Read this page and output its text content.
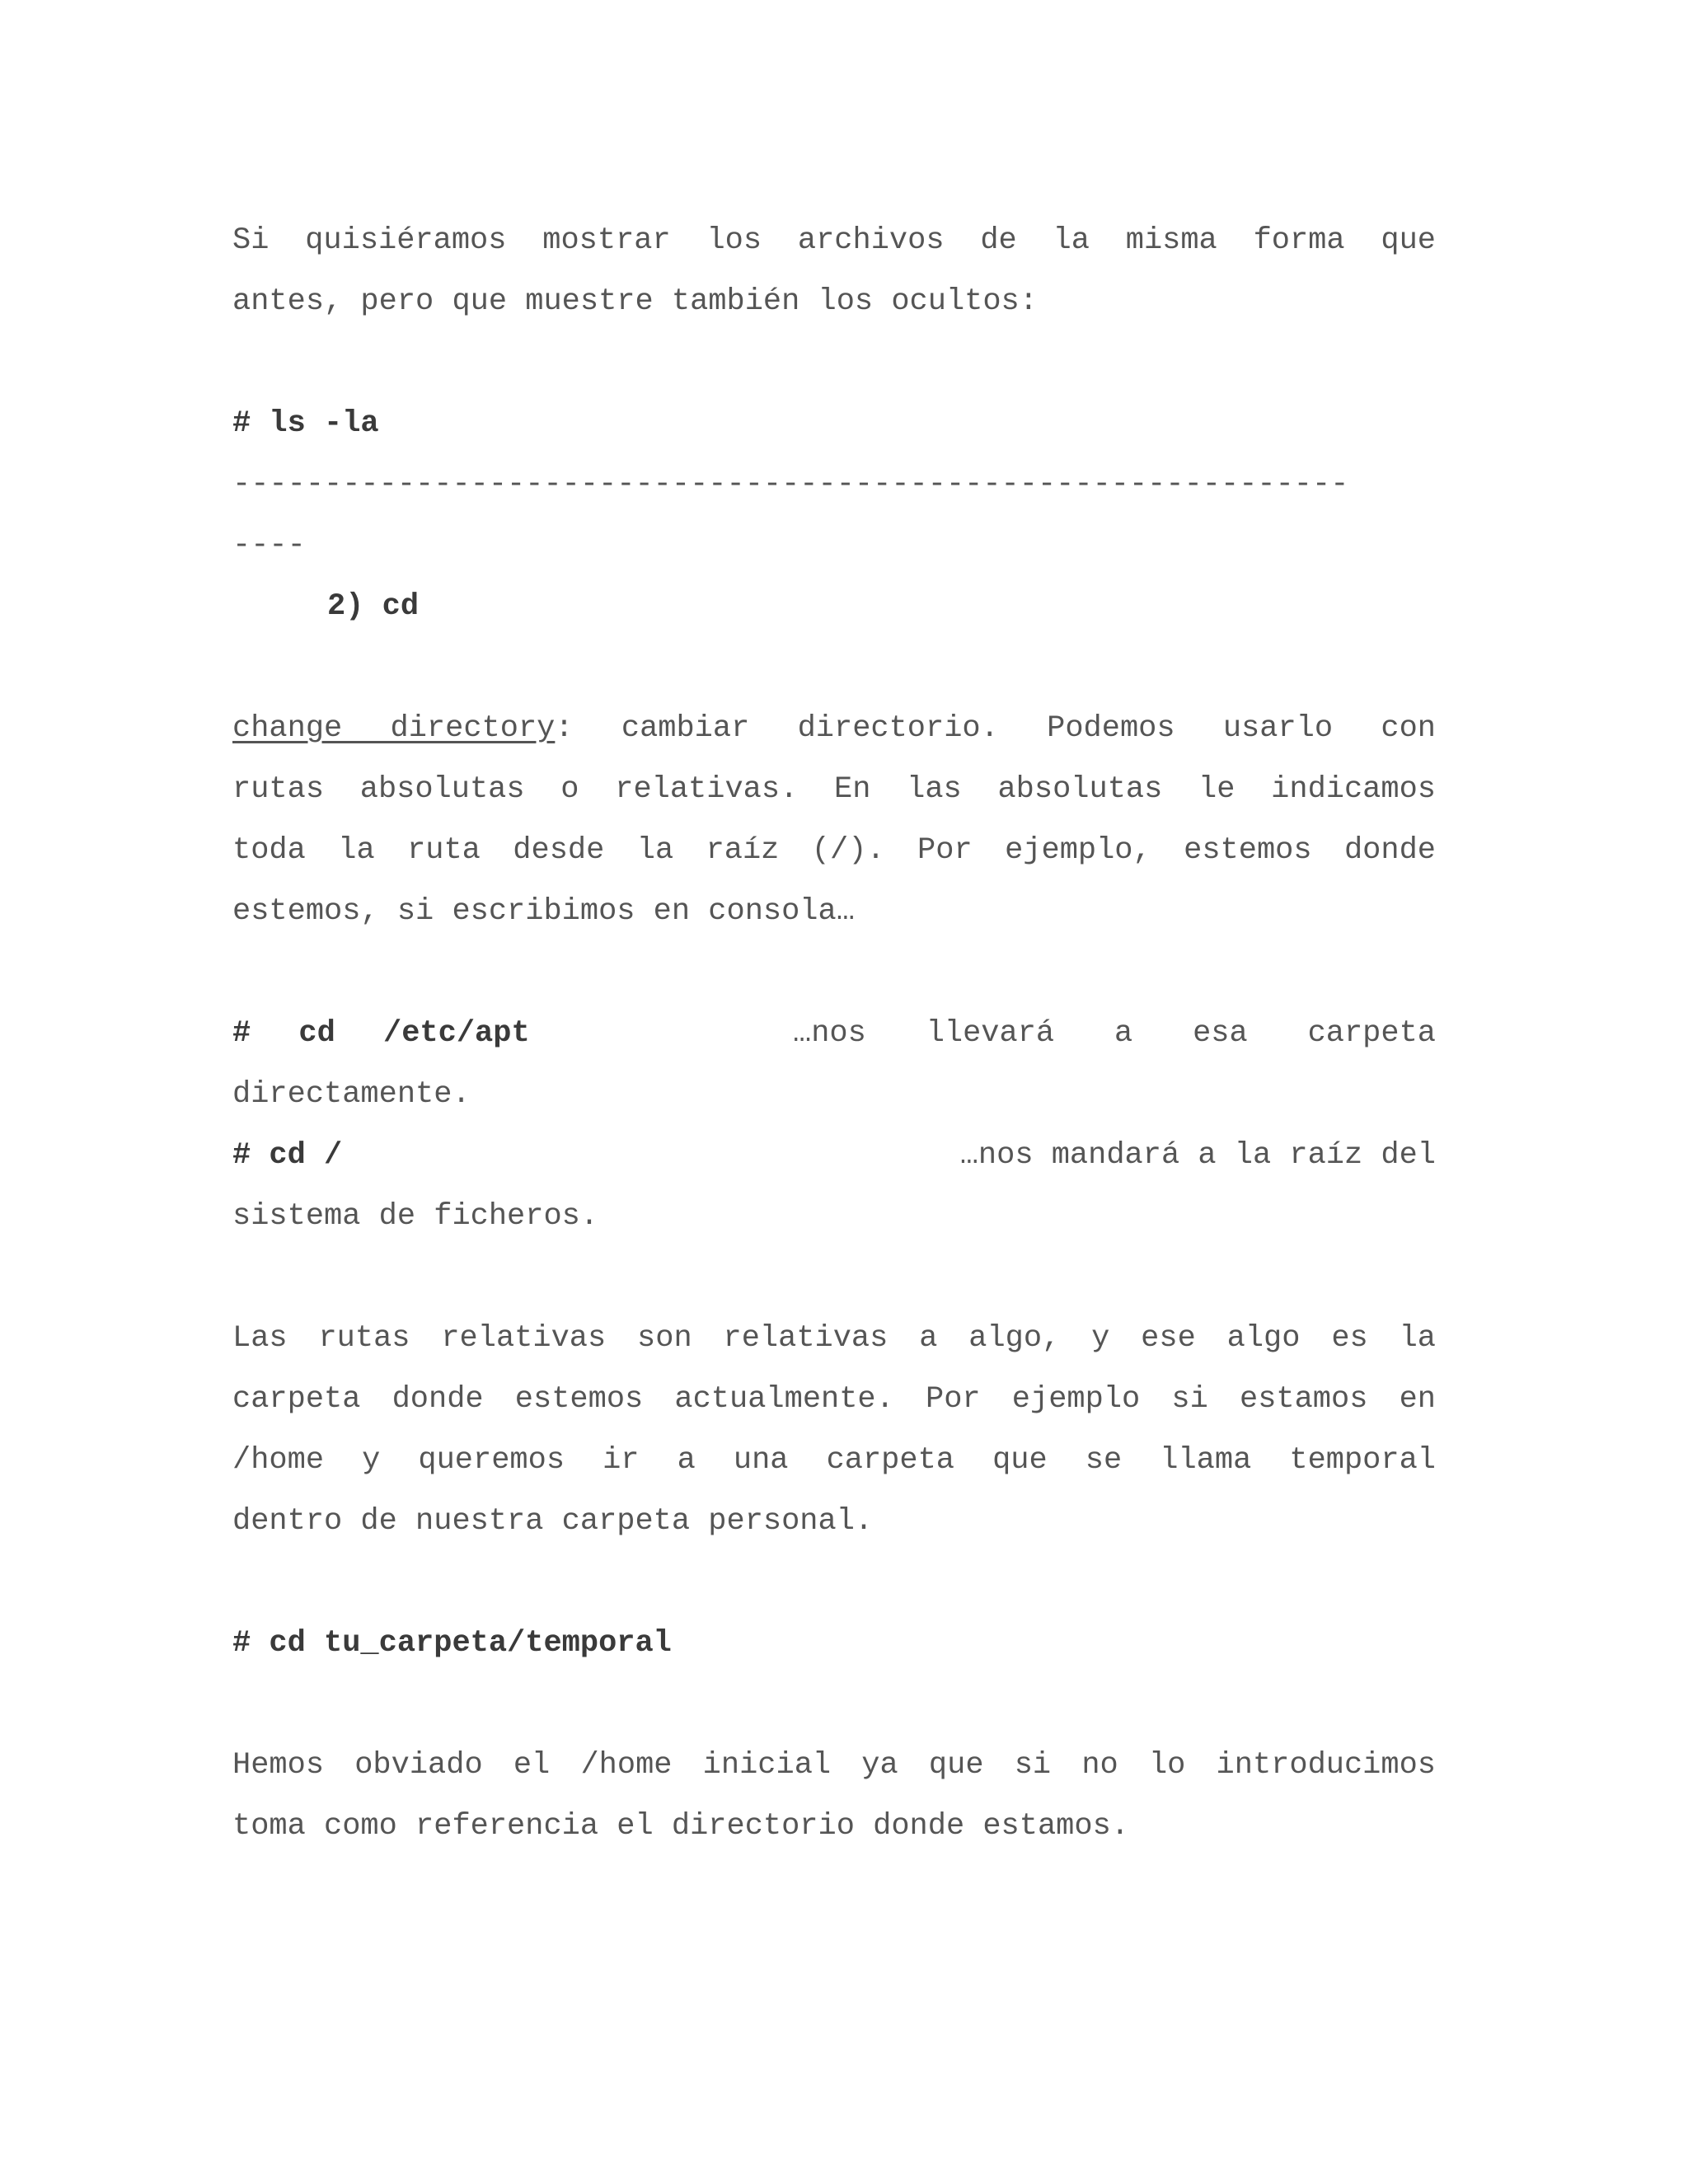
Si quisiéramos mostrar los archivos de la misma forma que
antes, pero que muestre también los ocultos:
# ls -la
-------------------------------------------------------------
----
2) cd
change directory: cambiar directorio. Podemos usarlo con
rutas absolutas o relativas. En las absolutas le indicamos
toda la ruta desde la raíz (/). Por ejemplo, estemos donde
estemos, si escribimos en consola…
# cd /etc/apt	…nos llevará a esa carpeta
directamente.
# cd /	…nos mandará a la raíz del
sistema de ficheros.
Las rutas relativas son relativas a algo, y ese algo es la
carpeta donde estemos actualmente. Por ejemplo si estamos en
/home y queremos ir a una carpeta que se llama temporal
dentro de nuestra carpeta personal.
# cd tu_carpeta/temporal
Hemos obviado el /home inicial ya que si no lo introducimos
toma como referencia el directorio donde estamos.
